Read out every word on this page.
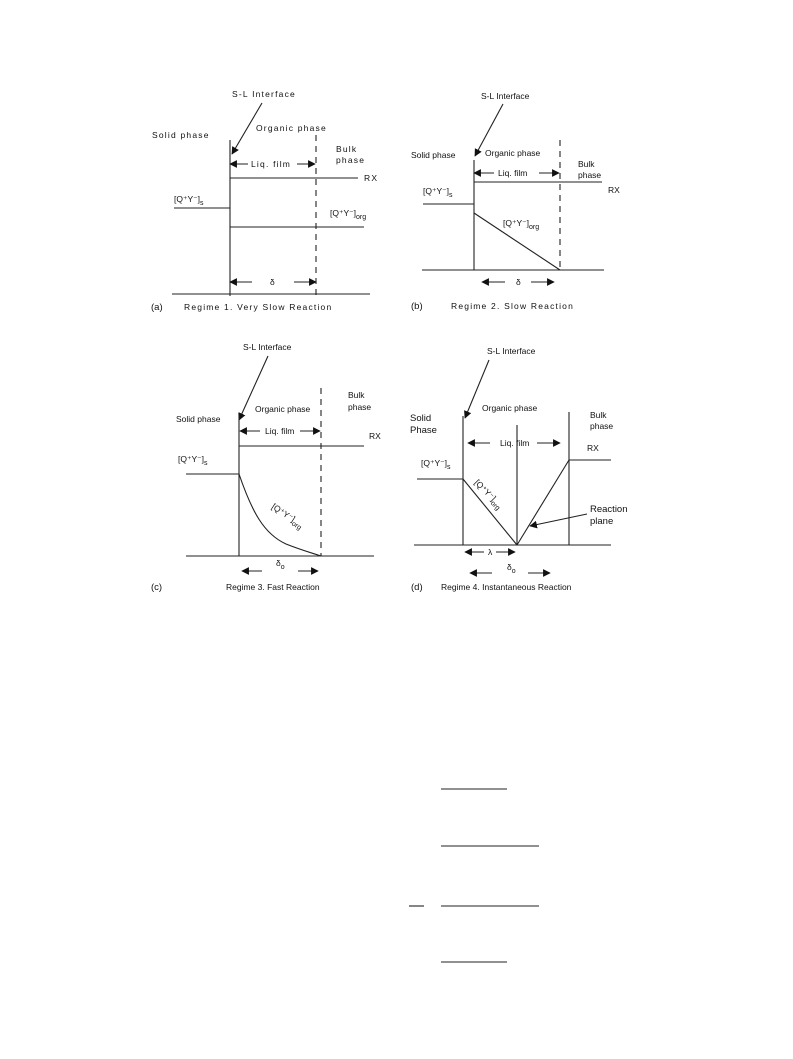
S-L Interface
Solid phase
Organic phase
Bulk
phase
Liq. film
RX
$[Q^+Y^-]_s$
$[Q^+Y^-]_{org}$
δ
(a)	Regime 1. Very Slow Reaction
S-L Interface
Solid phase	Organic phase
Bulk
phase
Liq. film
RX
$[Q^+Y^-]_s$
$[Q^+Y^-]_{org}$
δ
(b)	Regime 2. Slow Reaction
S-L Interface
Solid phase
Organic phase
Bulk
phase
Liq. film	RX
$[Q^+Y^-]_s$
$[Q^+Y^-]_{org}$
$\delta_o$
(c)	Regime 3. Fast Reaction
S-L Interface
Solid
Phase
Organic phase
Bulk
phase
Liq. film	RX
$[Q^+Y^-]_s$
$[Q^+Y^-]_{org}$	Reaction
plane
λ
$\delta_o$
(d) Regime 4. Instantaneous Reaction
